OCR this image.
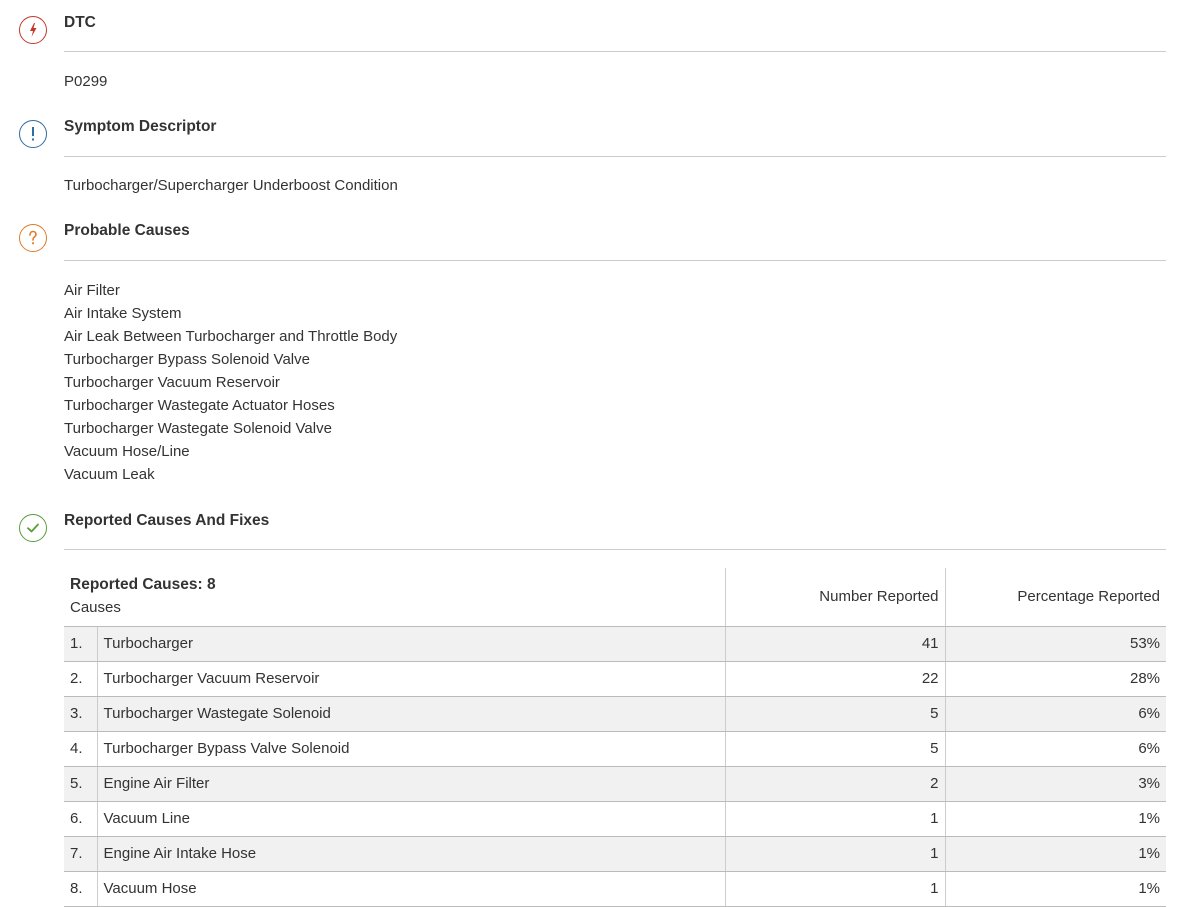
DTC
P0299
Symptom Descriptor
Turbocharger/Supercharger Underboost Condition
Probable Causes
Air Filter
Air Intake System
Air Leak Between Turbocharger and Throttle Body
Turbocharger Bypass Solenoid Valve
Turbocharger Vacuum Reservoir
Turbocharger Wastegate Actuator Hoses
Turbocharger Wastegate Solenoid Valve
Vacuum Hose/Line
Vacuum Leak
Reported Causes And Fixes
Reported Causes: 8
Causes		Number Reported	Percentage Reported
1.	Turbocharger	41	53%
2.	Turbocharger Vacuum Reservoir	22	28%
3.	Turbocharger Wastegate Solenoid	5	6%
4.	Turbocharger Bypass Valve Solenoid	5	6%
5.	Engine Air Filter	2	3%
6.	Vacuum Line	1	1%
7.	Engine Air Intake Hose	1	1%
8.	Vacuum Hose	1	1%
